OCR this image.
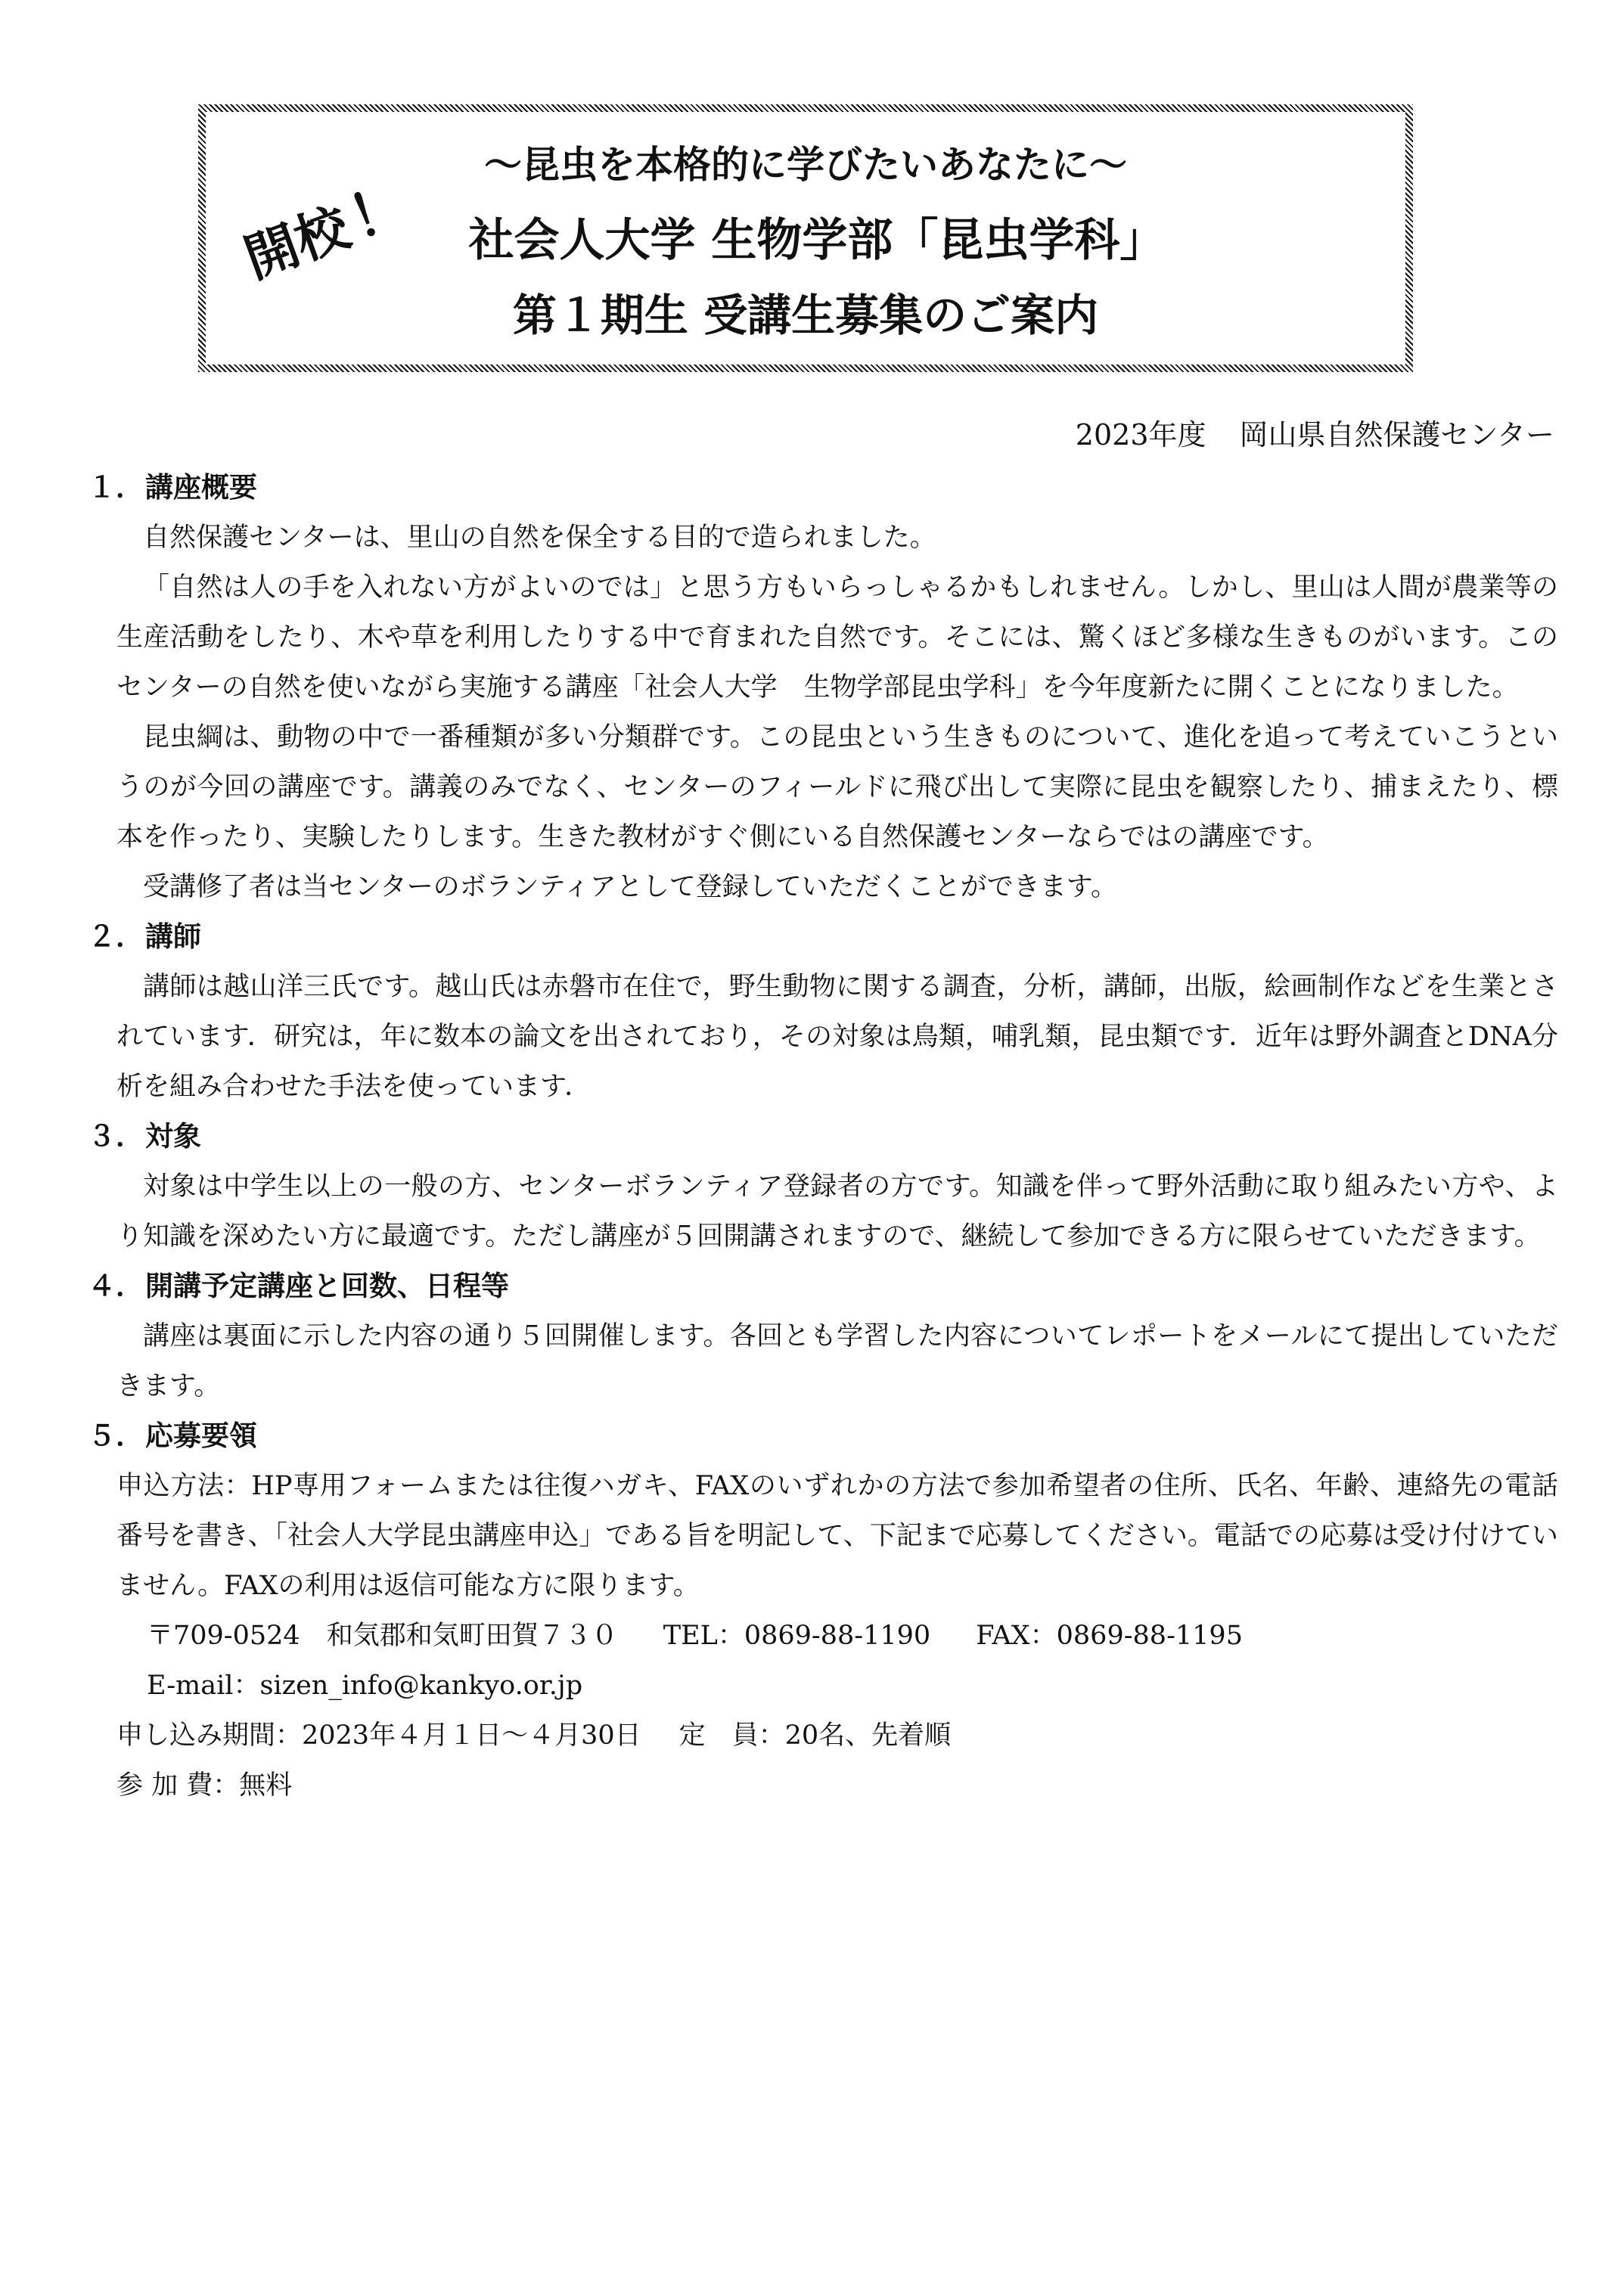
～昆虫を本格的に学びたいあなたに～
開校！	社会人大学 生物学部「昆虫学科」
第１期生 受講生募集のご案内
2023年度 岡山県自然保護センター

１．講座概要

自然保護センターは、里山の自然を保全する目的で造られました。

「自然は人の手を入れない方がよいのでは」と思う方もいらっしゃるかもしれません。しかし、里山は人間が農業等の生産活動をしたり、木や草を利用したりする中で育まれた自然です。そこには、驚くほど多様な生きものがいます。このセンターの自然を使いながら実施する講座「社会人大学　生物学部昆虫学科」を今年度新たに開くことになりました。

昆虫綱は、動物の中で一番種類が多い分類群です。この昆虫という生きものについて、進化を追って考えていこうというのが今回の講座です。講義のみでなく、センターのフィールドに飛び出して実際に昆虫を観察したり、捕まえたり、標本を作ったり、実験したりします。生きた教材がすぐ側にいる自然保護センターならではの講座です。

受講修了者は当センターのボランティアとして登録していただくことができます。

２．講師

講師は越山洋三氏です。越山氏は赤磐市在住で，野生動物に関する調査，分析，講師，出版，絵画制作などを生業とされています．研究は，年に数本の論文を出されており，その対象は鳥類，哺乳類，昆虫類です．近年は野外調査とDNA分析を組み合わせた手法を使っています．

３．対象

対象は中学生以上の一般の方、センターボランティア登録者の方です。知識を伴って野外活動に取り組みたい方や、より知識を深めたい方に最適です。ただし講座が５回開講されますので、継続して参加できる方に限らせていただきます。

４．開講予定講座と回数、日程等

講座は裏面に示した内容の通り５回開催します。各回とも学習した内容についてレポートをメールにて提出していただきます。

５．応募要領

申込方法：HP専用フォームまたは往復ハガキ、FAXのいずれかの方法で参加希望者の住所、氏名、年齢、連絡先の電話番号を書き、「社会人大学昆虫講座申込」である旨を明記して、下記まで応募してください。電話での応募は受け付けていません。FAXの利用は返信可能な方に限ります。

〒709-0524　和気郡和気町田賀７３０ TEL：0869-88-1190 FAX：0869-88-1195

E-mail：sizen_info@kankyo.or.jp

申し込み期間：2023年４月１日～４月30日 定　員：20名、先着順

参 加 費：無料
